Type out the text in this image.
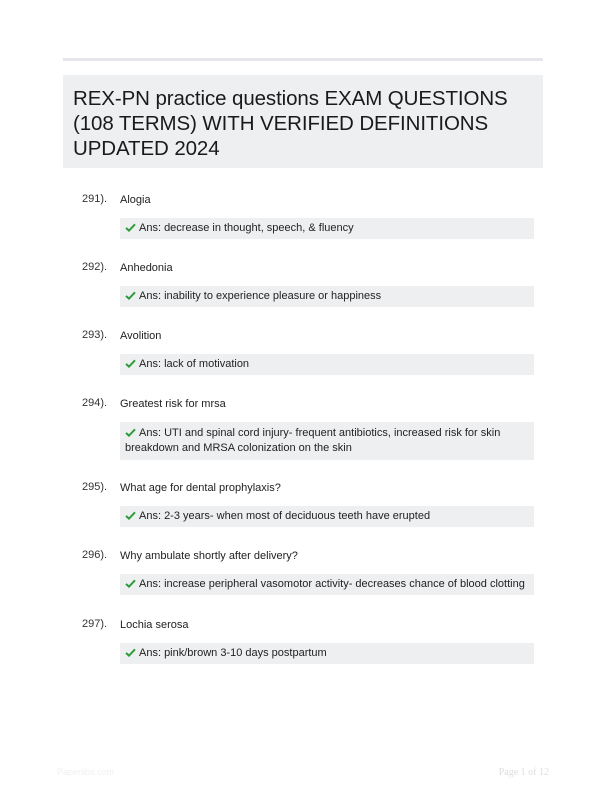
REX-PN practice questions EXAM QUESTIONS (108 TERMS) WITH VERIFIED DEFINITIONS UPDATED 2024
291). Alogia
Ans: decrease in thought, speech, & fluency
292). Anhedonia
Ans: inability to experience pleasure or happiness
293). Avolition
Ans: lack of motivation
294). Greatest risk for mrsa
Ans: UTI and spinal cord injury- frequent antibiotics, increased risk for skin breakdown and MRSA colonization on the skin
295). What age for dental prophylaxis?
Ans: 2-3 years- when most of deciduous teeth have erupted
296). Why ambulate shortly after delivery?
Ans: increase peripheral vasomotor activity- decreases chance of blood clotting
297). Lochia serosa
Ans: pink/brown 3-10 days postpartum
Paperlibs.com	Page 1 of 12
